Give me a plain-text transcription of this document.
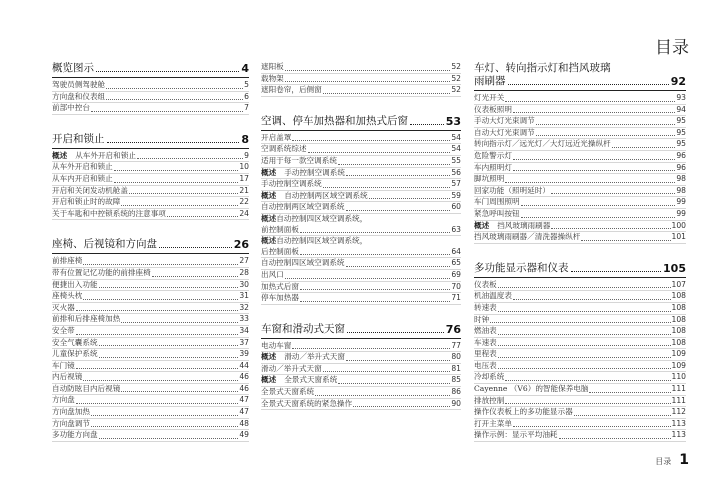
目录
概览图示	4
驾驶员侧驾驶舱	5
方向盘和仪表组	6
前部中控台	7
开启和锁止	8
概述 从车外开启和锁止	9
从车外开启和锁止	10
从车内开启和锁止	17
开启和关闭发动机舱盖	21
开启和锁止时的故障	22
关于车匙和中控锁系统的注意事项	24
座椅、后视镜和方向盘	26
前排座椅	27
带有位置记忆功能的前排座椅	28
便捷出入功能	30
座椅头枕	31
灭火器	32
前排和后排座椅加热	33
安全带	34
安全气囊系统	37
儿童保护系统	39
车门镜	44
内后视镜	46
自动防眩目内后视镜	46
方向盘	47
方向盘加热	47
方向盘调节	48
多功能方向盘	49
遮阳板	52
载物架	52
遮阳卷帘，后侧窗	52
空调、停车加热器和加热式后窗	53
开启盖罩	54
空调系统综述	54
适用于每一款空调系统	55
概述 手动控制空调系统	56
手动控制空调系统	57
概述 自动控制两区域空调系统	59
自动控制两区域空调系统	60
概述自动控制四区域空调系统，
前控制面板	63
概述自动控制四区域空调系统，
后控制面板	64
自动控制四区域空调系统	65
出风口	69
加热式后窗	70
停车加热器	71
车窗和滑动式天窗	76
电动车窗	77
概述 滑动／举升式天窗	80
滑动／举升式天窗	81
概述 全景式天窗系统	85
全景式天窗系统	86
全景式天窗系统的紧急操作	90
车灯、转向指示灯和挡风玻璃
雨刷器	92
灯光开关	93
仪表板照明	94
手动大灯光束调节	95
自动大灯光束调节	95
转向指示灯／远光灯／大灯远近光操纵杆	95
危险警示灯	96
车内照明灯	96
脚坑照明	98
回家功能（照明延时）	98
车门周围照明	99
紧急呼叫按钮	99
概述 挡风玻璃雨刷器	100
挡风玻璃雨刷器／清洗器操纵杆	101
多功能显示器和仪表	105
仪表板	107
机油温度表	108
转速表	108
时钟	108
燃油表	108
车速表	108
里程表	109
电压表	109
冷却系统	110
Cayenne （V6）的智能保养电脑	111
排放控制	111
操作仪表板上的多功能显示器	112
打开主菜单	113
操作示例：显示平均油耗	113
目录 1
